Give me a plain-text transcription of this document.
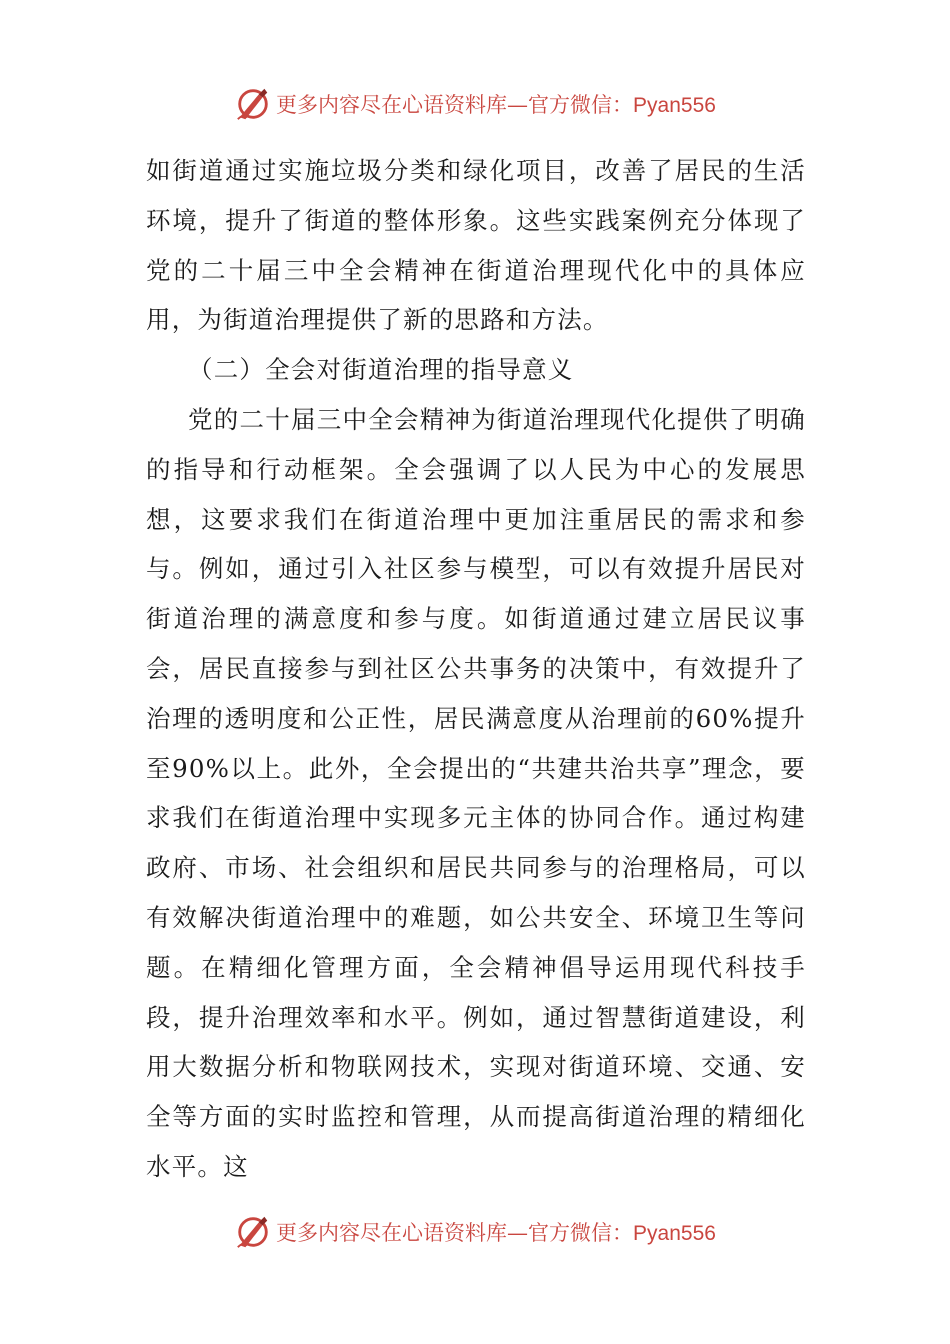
更多内容尽在心语资料库—官方微信：Pyan556

如街道通过实施垃圾分类和绿化项目，改善了居民的生活环境，提升了街道的整体形象。这些实践案例充分体现了党的二十届三中全会精神在街道治理现代化中的具体应用，为街道治理提供了新的思路和方法。

（二）全会对街道治理的指导意义

党的二十届三中全会精神为街道治理现代化提供了明确的指导和行动框架。全会强调了以人民为中心的发展思想，这要求我们在街道治理中更加注重居民的需求和参与。例如，通过引入社区参与模型，可以有效提升居民对街道治理的满意度和参与度。如街道通过建立居民议事会，居民直接参与到社区公共事务的决策中，有效提升了治理的透明度和公正性，居民满意度从治理前的60%提升至90%以上。此外，全会提出的“共建共治共享”理念，要求我们在街道治理中实现多元主体的协同合作。通过构建政府、市场、社会组织和居民共同参与的治理格局，可以有效解决街道治理中的难题，如公共安全、环境卫生等问题。在精细化管理方面，全会精神倡导运用现代科技手段，提升治理效率和水平。例如，通过智慧街道建设，利用大数据分析和物联网技术，实现对街道环境、交通、安全等方面的实时监控和管理，从而提高街道治理的精细化水平。这

更多内容尽在心语资料库—官方微信：Pyan556
